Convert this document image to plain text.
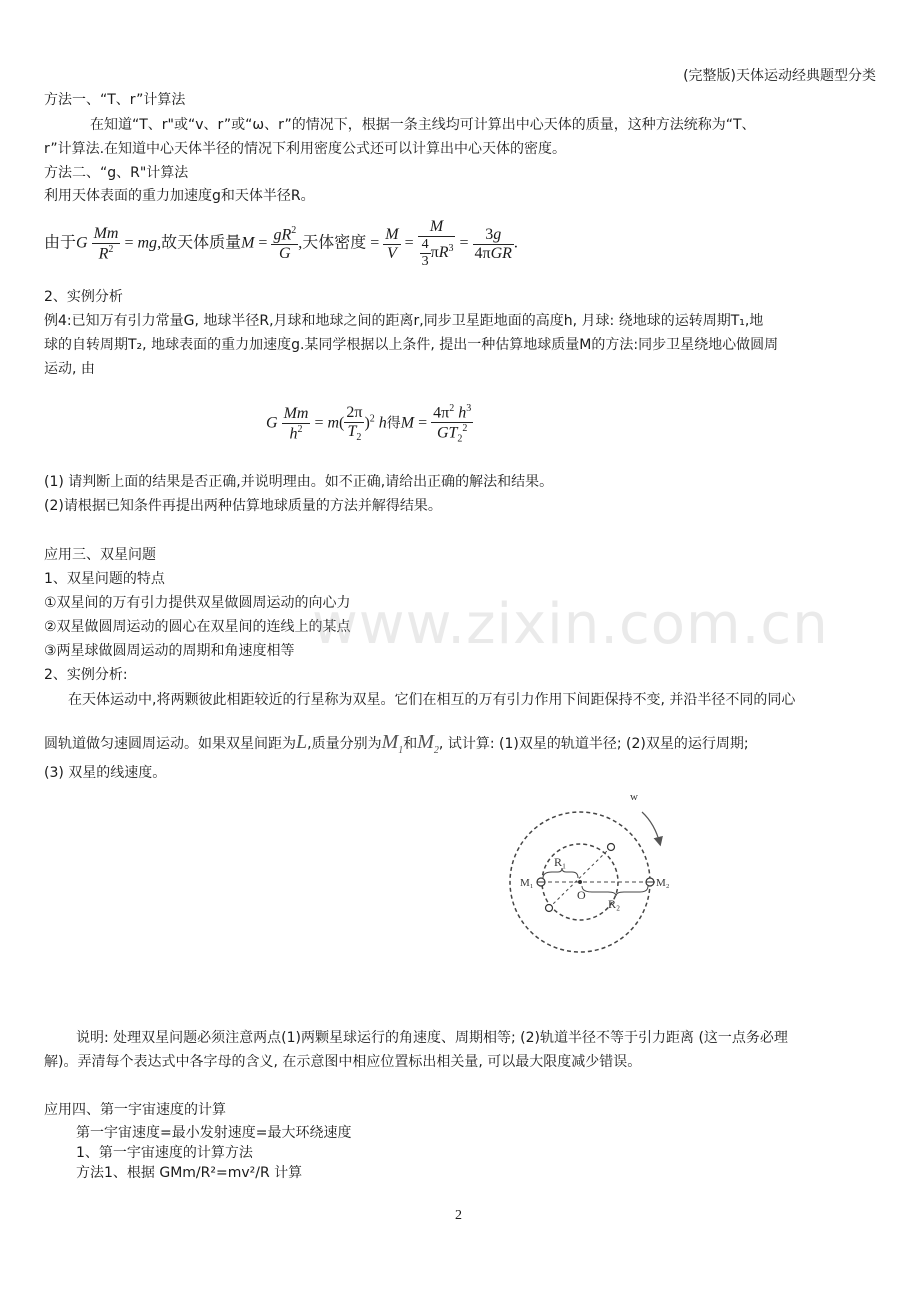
(完整版)天体运动经典题型分类
方法一、“T、r”计算法
在知道“T、r"或“v、r”或“ω、r”的情况下，根据一条主线均可计算出中心天体的质量，这种方法统称为“T、
r”计算法.在知道中心天体半径的情况下利用密度公式还可以计算出中心天体的密度。
方法二、“g、R"计算法
利用天体表面的重力加速度g和天体半径R。
由于G $\frac{Mm}{R^2}$ = mg,故天体质量$M = \frac{gR^2}{G}$ ,天体密度 = $\frac{M}{V} = \frac{M}{\frac{4}{3} \pi R^3} = \frac{3g}{\text{4πGR}}$ .
2、实例分析
例4:已知万有引力常量G, 地球半径R,月球和地球之间的距离r,同步卫星距地面的高度h, 月球: 绕地球的运转周期T₁,地
球的自转周期T₂, 地球表面的重力加速度g.某同学根据以上条件, 提出一种估算地球质量M的方法:同步卫星绕地心做圆周
运动, 由
G $\frac{Mm}{h^2} = m( \frac{2\pi}{T_2} )^2$ h得$M = \frac{4\pi^2 h^3}{GT_2^2}$
(1) 请判断上面的结果是否正确,并说明理由。如不正确,请给出正确的解法和结果。
(2)请根据已知条件再提出两种估算地球质量的方法并解得结果。
应用三、双星问题
1、双星问题的特点
①双星间的万有引力提供双星做圆周运动的向心力
②双星做圆周运动的圆心在双星间的连线上的某点
③两星球做圆周运动的周期和角速度相等
2、实例分析:
在天体运动中,将两颗彼此相距较近的行星称为双星。它们在相互的万有引力作用下间距保持不变, 并沿半径不同的同心
圆轨道做匀速圆周运动。如果双星间距为L,质量分别为$M_1$和$M_2$, 试计算: (1)双星的轨道半径; (2)双星的运行周期;
(3) 双星的线速度。
w
R₁
R₂
O
M₁	M₂
说明: 处理双星问题必须注意两点(1)两颗星球运行的角速度、周期相等; (2)轨道半径不等于引力距离 (这一点务必理
解)。弄清每个表达式中各字母的含义, 在示意图中相应位置标出相关量, 可以最大限度减少错误。
应用四、第一宇宙速度的计算
第一宇宙速度=最小发射速度=最大环绕速度
1、第一宇宙速度的计算方法
方法1、根据 GMm/R²=mv²/R 计算
www.zixin.com.cn
2
